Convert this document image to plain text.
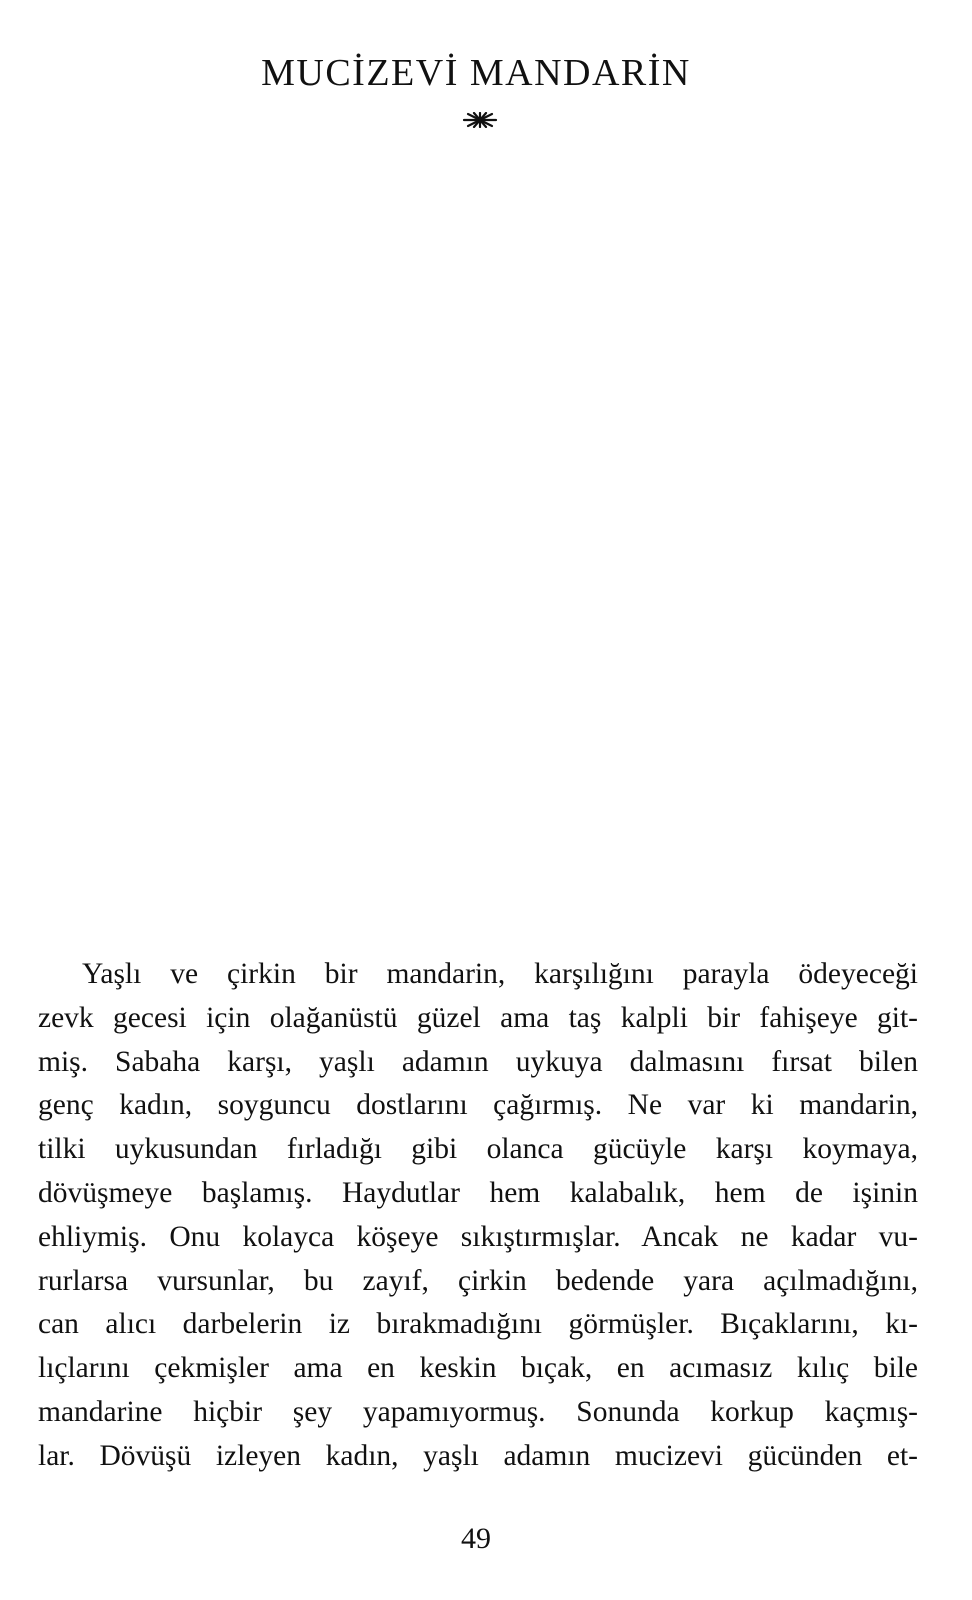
MUCİZEVİ MANDARİN
Yaşlı ve çirkin bir mandarin, karşılığını parayla ödeyeceği
zevk gecesi için olağanüstü güzel ama taş kalpli bir fahişeye git-
miş. Sabaha karşı, yaşlı adamın uykuya dalmasını fırsat bilen
genç kadın, soyguncu dostlarını çağırmış. Ne var ki mandarin,
tilki uykusundan fırladığı gibi olanca gücüyle karşı koymaya,
dövüşmeye başlamış. Haydutlar hem kalabalık, hem de işinin
ehliymiş. Onu kolayca köşeye sıkıştırmışlar. Ancak ne kadar vu-
rurlarsa vursunlar, bu zayıf, çirkin bedende yara açılmadığını,
can alıcı darbelerin iz bırakmadığını görmüşler. Bıçaklarını, kı-
lıçlarını çekmişler ama en keskin bıçak, en acımasız kılıç bile
mandarine hiçbir şey yapamıyormuş. Sonunda korkup kaçmış-
lar. Dövüşü izleyen kadın, yaşlı adamın mucizevi gücünden et-
49
